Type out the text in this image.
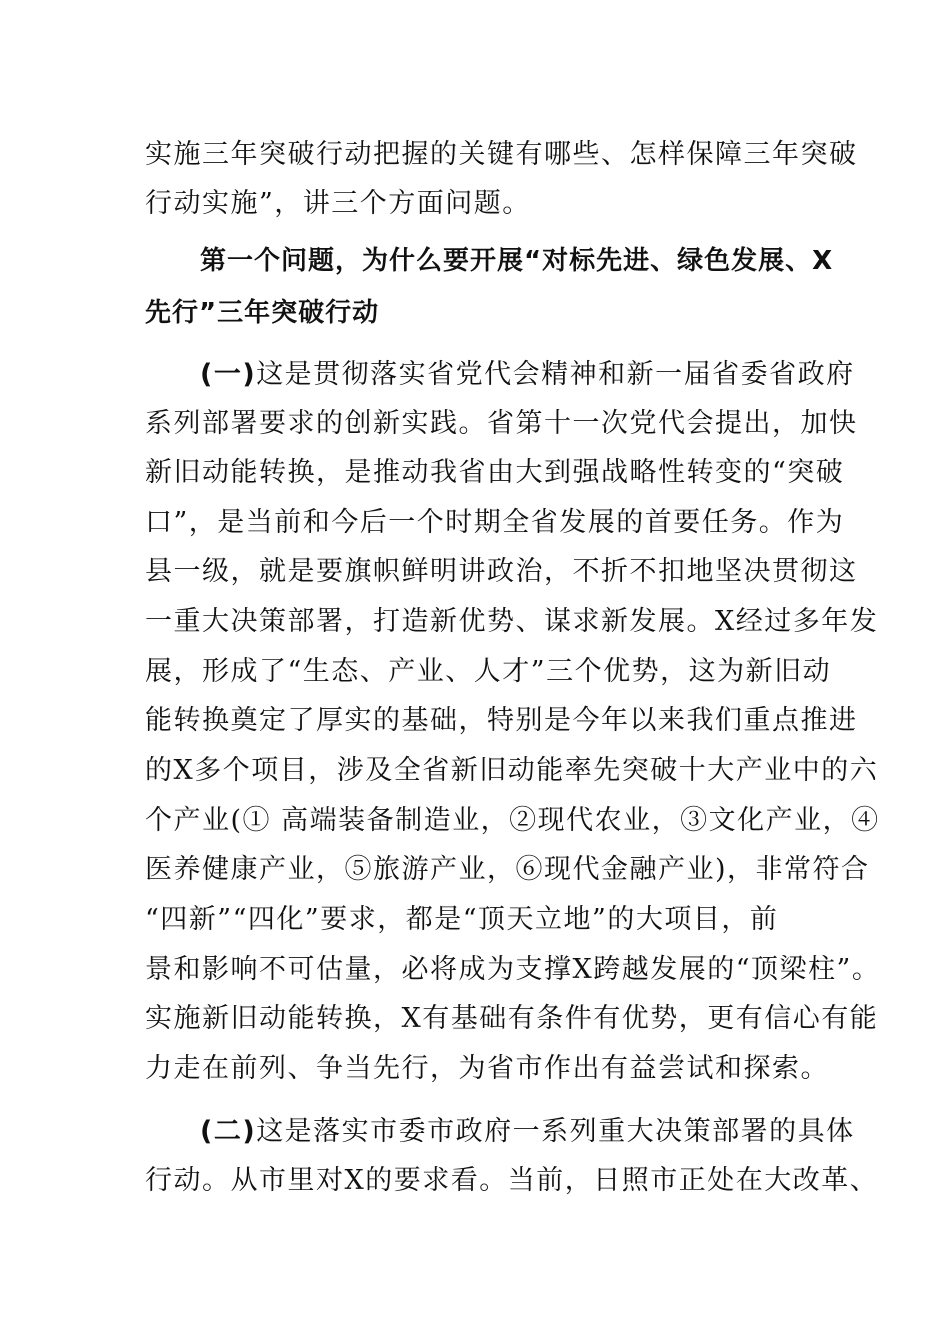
实施三年突破行动把握的关键有哪些、怎样保障三年突破
行动实施”，讲三个方面问题。
第一个问题，为什么要开展“对标先进、绿色发展、X
先行”三年突破行动
(一)这是贯彻落实省党代会精神和新一届省委省政府
系列部署要求的创新实践。省第十一次党代会提出，加快
新旧动能转换，是推动我省由大到强战略性转变的“突破
口”，是当前和今后一个时期全省发展的首要任务。作为
县一级，就是要旗帜鲜明讲政治，不折不扣地坚决贯彻这
一重大决策部署，打造新优势、谋求新发展。X经过多年发
展，形成了“生态、产业、人才”三个优势，这为新旧动
能转换奠定了厚实的基础，特别是今年以来我们重点推进
的X多个项目，涉及全省新旧动能率先突破十大产业中的六
个产业(① 高端装备制造业，②现代农业，③文化产业，④
医养健康产业，⑤旅游产业，⑥现代金融产业)，非常符合
“四新”“四化”要求，都是“顶天立地”的大项目，前
景和影响不可估量，必将成为支撑X跨越发展的“顶梁柱”。
实施新旧动能转换，X有基础有条件有优势，更有信心有能
力走在前列、争当先行，为省市作出有益尝试和探索。
(二)这是落实市委市政府一系列重大决策部署的具体
行动。从市里对X的要求看。当前，日照市正处在大改革、
